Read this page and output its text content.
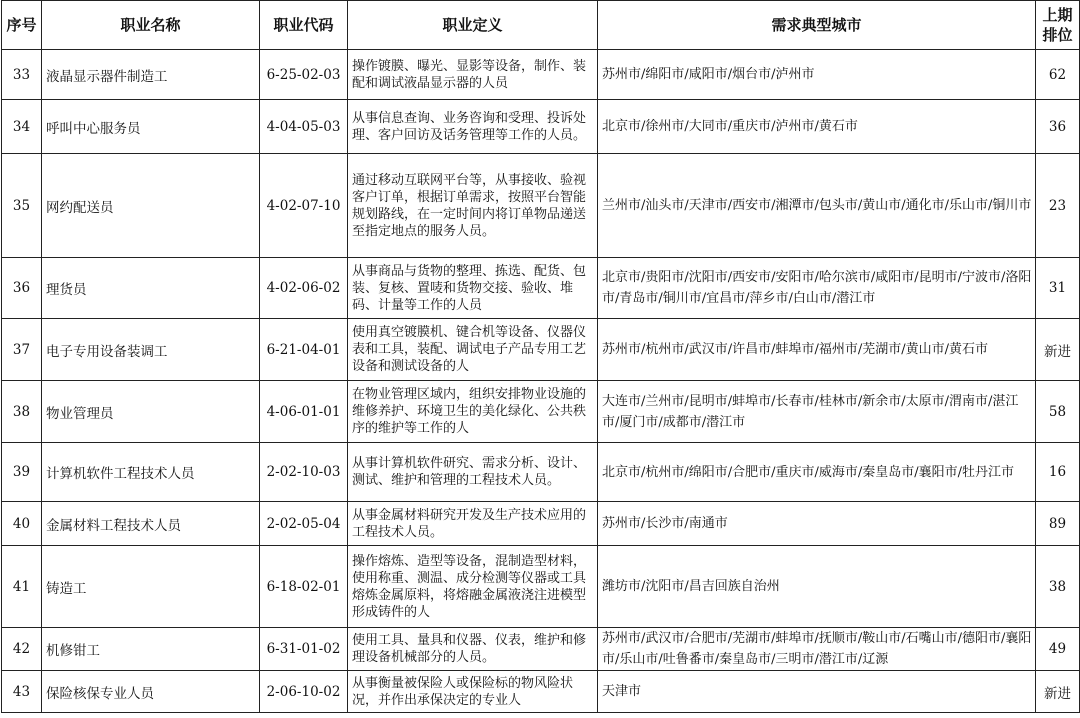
序号	职业名称	职业代码	职业定义	需求典型城市	上期
排位

33	液晶显示器件制造工	6-25-02-03	操作镀膜、曝光、显影等设备，制作、装配和调试液晶显示器的人员	苏州市/绵阳市/咸阳市/烟台市/泸州市	62
34	呼叫中心服务员	4-04-05-03	从事信息查询、业务咨询和受理、投诉处理、客户回访及话务管理等工作的人员。	北京市/徐州市/大同市/重庆市/泸州市/黄石市	36
35	网约配送员	4-02-07-10	通过移动互联网平台等，从事接收、验视客户订单，根据订单需求，按照平台智能规划路线，在一定时间内将订单物品递送至指定地点的服务人员。	兰州市/汕头市/天津市/西安市/湘潭市/包头市/黄山市/通化市/乐山市/铜川市	23
36	理货员	4-02-06-02	从事商品与货物的整理、拣选、配货、包装、复核、置唛和货物交接、验收、堆码、计量等工作的人员	北京市/贵阳市/沈阳市/西安市/安阳市/哈尔滨市/咸阳市/昆明市/宁波市/洛阳市/青岛市/铜川市/宜昌市/萍乡市/白山市/潜江市	31
37	电子专用设备装调工	6-21-04-01	使用真空镀膜机、键合机等设备、仪器仪表和工具，装配、调试电子产品专用工艺设备和测试设备的人	苏州市/杭州市/武汉市/许昌市/蚌埠市/福州市/芜湖市/黄山市/黄石市	新进
38	物业管理员	4-06-01-01	在物业管理区域内，组织安排物业设施的维修养护、环境卫生的美化绿化、公共秩序的维护等工作的人	大连市/兰州市/昆明市/蚌埠市/长春市/桂林市/新余市/太原市/渭南市/湛江市/厦门市/成都市/潜江市	58
39	计算机软件工程技术人员	2-02-10-03	从事计算机软件研究、需求分析、设计、测试、维护和管理的工程技术人员。	北京市/杭州市/绵阳市/合肥市/重庆市/威海市/秦皇岛市/襄阳市/牡丹江市	16
40	金属材料工程技术人员	2-02-05-04	从事金属材料研究开发及生产技术应用的工程技术人员。	苏州市/长沙市/南通市	89
41	铸造工	6-18-02-01	操作熔炼、造型等设备，混制造型材料，使用称重、测温、成分检测等仪器或工具熔炼金属原料，将熔融金属液浇注进模型形成铸件的人	潍坊市/沈阳市/昌吉回族自治州	38
42	机修钳工	6-31-01-02	使用工具、量具和仪器、仪表，维护和修理设备机械部分的人员。	苏州市/武汉市/合肥市/芜湖市/蚌埠市/抚顺市/鞍山市/石嘴山市/德阳市/襄阳市/乐山市/吐鲁番市/秦皇岛市/三明市/潜江市/辽源	49
43	保险核保专业人员	2-06-10-02	从事衡量被保险人或保险标的物风险状况，并作出承保决定的专业人	天津市	新进
